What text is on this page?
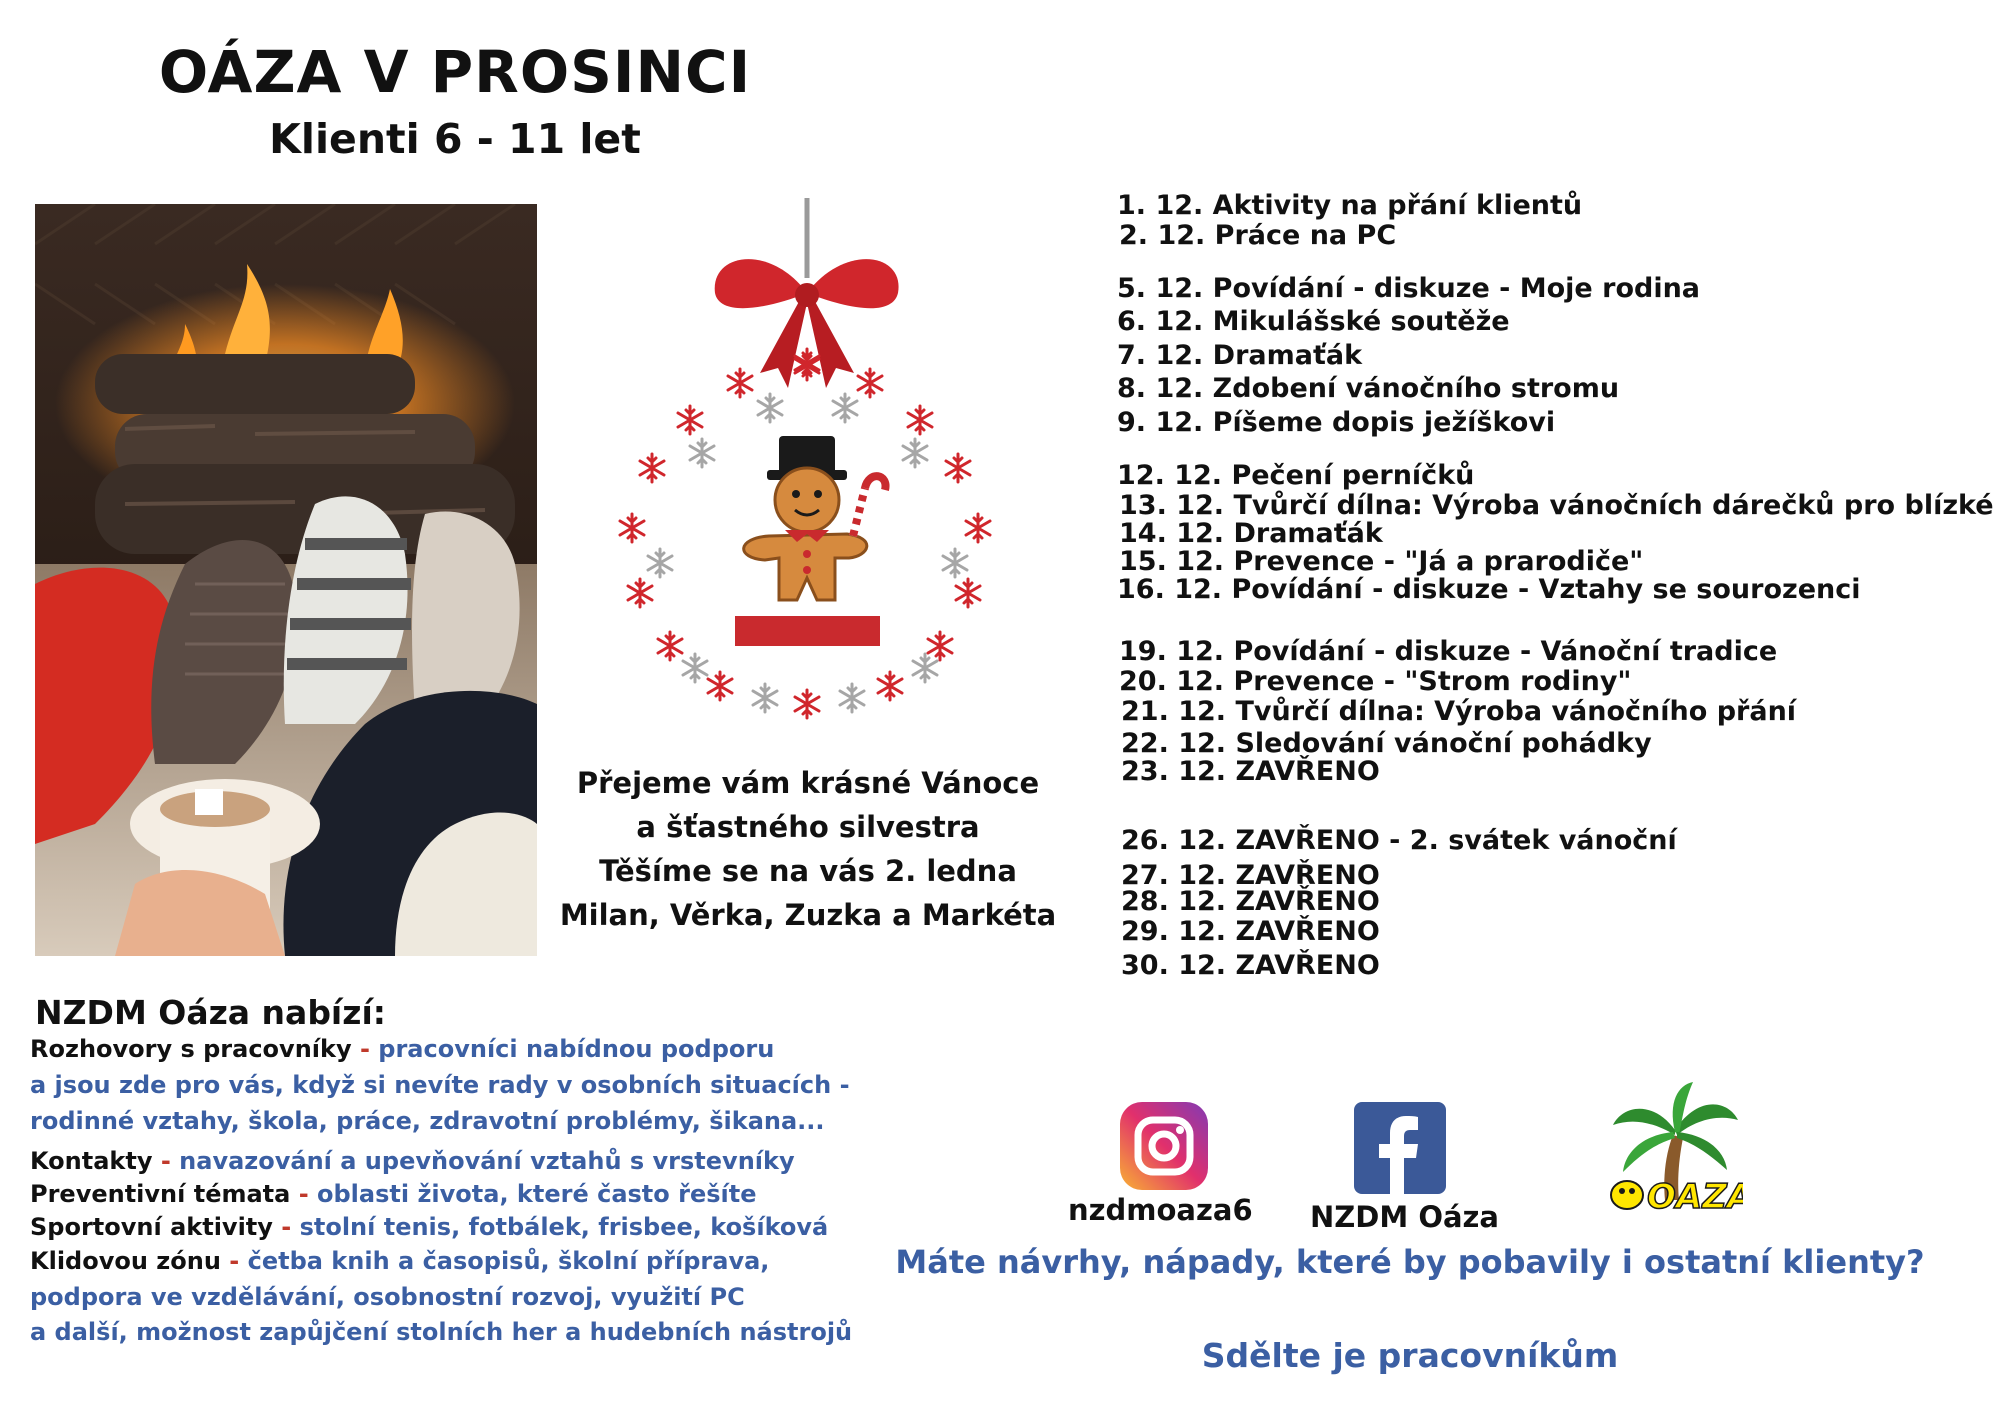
OÁZA V PROSINCI
Klienti 6 - 11 let
Přejeme vám krásné Vánoce
a šťastného silvestra
Těšíme se na vás 2. ledna
Milan, Věrka, Zuzka a Markéta
1. 12. Aktivity na přání klientů
2. 12. Práce na PC
5. 12. Povídání - diskuze - Moje rodina
6. 12. Mikulášské soutěže
7. 12. Dramaťák
8. 12. Zdobení vánočního stromu
9. 12. Píšeme dopis ježíškovi
12. 12. Pečení perníčků
13. 12. Tvůrčí dílna: Výroba vánočních dárečků pro blízké
14. 12. Dramaťák
15. 12. Prevence - "Já a prarodiče"
16. 12. Povídání - diskuze - Vztahy se sourozenci
19. 12. Povídání - diskuze - Vánoční tradice
20. 12. Prevence - "Strom rodiny"
21. 12. Tvůrčí dílna: Výroba vánočního přání
22. 12. Sledování vánoční pohádky
23. 12. ZAVŘENO
26. 12. ZAVŘENO - 2. svátek vánoční
27. 12. ZAVŘENO
28. 12. ZAVŘENO
29. 12. ZAVŘENO
30. 12. ZAVŘENO
NZDM Oáza nabízí:
Rozhovory s pracovníky - pracovníci nabídnou podporu
a jsou zde pro vás, když si nevíte rady v osobních situacích -
rodinné vztahy, škola, práce, zdravotní problémy, šikana...
Kontakty - navazování a upevňování vztahů s vrstevníky
Preventivní témata - oblasti života, které často řešíte
Sportovní aktivity - stolní tenis, fotbálek, frisbee, košíková
Klidovou zónu - četba knih a časopisů, školní příprava,
podpora ve vzdělávání, osobnostní rozvoj, využití PC
a další, možnost zapůjčení stolních her a hudebních nástrojů
nzdmoaza6 NZDM Oáza	OAZA
Máte návrhy, nápady, které by pobavily i ostatní klienty?
Sdělte je pracovníkům
